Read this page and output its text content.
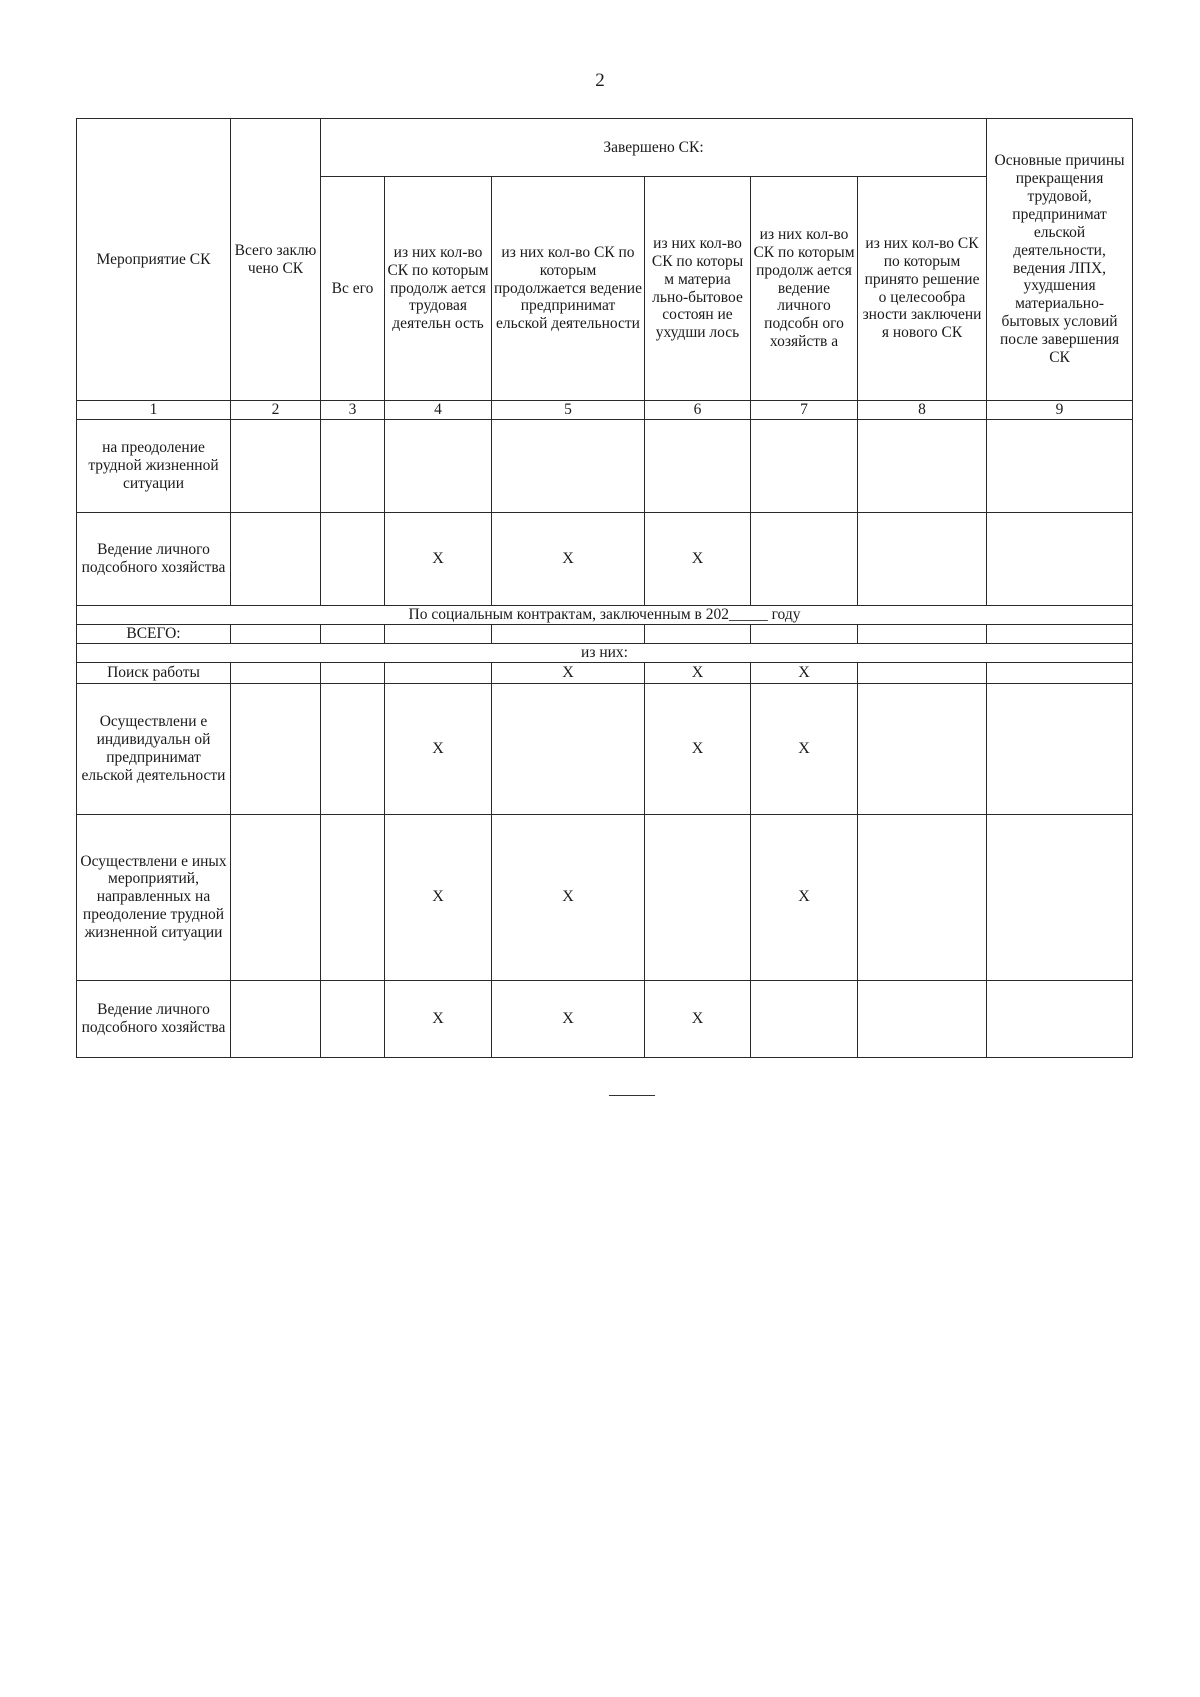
2
Мероприятие СК	Всего заклю чено СК	Завершено СК:						Основные причины прекращения трудовой, предпринимат ельской деятельности, ведения ЛПХ, ухудшения материально-бытовых условий после завершения СК
		Вс его	из них кол-во СК по которым продолж ается трудовая деятельн ость	из них кол-во СК по которым продолжается ведение предпринимат ельской деятельности	из них кол-во СК по которы м материа льно-бытовое состоян ие ухудши лось	из них кол-во СК по которым продолж ается ведение личного подсобн ого хозяйств а	из них кол-во СК по которым принято решение о целесообра зности заключени я нового СК	
1	2	3	4	5	6	7	8	9
на преодоление трудной жизненной ситуации								
Ведение личного подсобного хозяйства			X	X	X			
По социальным контрактам, заключенным в 202_____ году								
ВСЕГО:								
из них:								
Поиск работы				X	X	X		
Осуществлени е индивидуальн ой предпринимат ельской деятельности			X		X	X		
Осуществлени е иных мероприятий, направленных на преодоление трудной жизненной ситуации			X	X		X		
Ведение личного подсобного хозяйства			X	X	X			
